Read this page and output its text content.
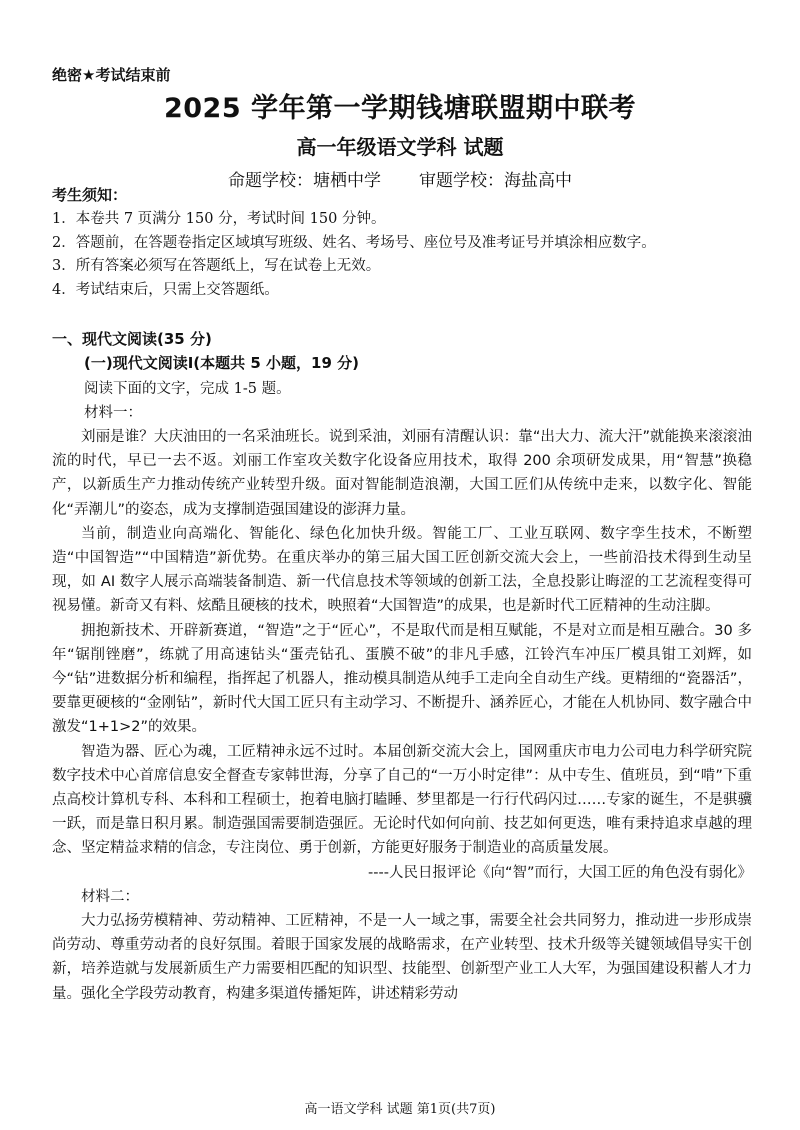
绝密★考试结束前
2025 学年第一学期钱塘联盟期中联考
高一年级语文学科 试题
命题学校：塘栖中学 审题学校：海盐高中
考生须知：
1．本卷共 7 页满分 150 分，考试时间 150 分钟。
2．答题前，在答题卷指定区域填写班级、姓名、考场号、座位号及准考证号并填涂相应数字。
3．所有答案必须写在答题纸上，写在试卷上无效。
4．考试结束后，只需上交答题纸。
一、现代文阅读(35 分)
(一)现代文阅读Ⅰ(本题共 5 小题，19 分)
阅读下面的文字，完成 1-5 题。
材料一：

刘丽是谁？大庆油田的一名采油班长。说到采油，刘丽有清醒认识：靠“出大力、流大汗”就能换来滚滚油流的时代，早已一去不返。刘丽工作室攻关数字化设备应用技术，取得 200 余项研发成果，用“智慧”换稳产，以新质生产力推动传统产业转型升级。面对智能制造浪潮，大国工匠们从传统中走来，以数字化、智能化“弄潮儿”的姿态，成为支撑制造强国建设的澎湃力量。

当前，制造业向高端化、智能化、绿色化加快升级。智能工厂、工业互联网、数字孪生技术，不断塑造“中国智造”“中国精造”新优势。在重庆举办的第三届大国工匠创新交流大会上，一些前沿技术得到生动呈现，如 AI 数字人展示高端装备制造、新一代信息技术等领域的创新工法，全息投影让晦涩的工艺流程变得可视易懂。新奇又有料、炫酷且硬核的技术，映照着“大国智造”的成果，也是新时代工匠精神的生动注脚。

拥抱新技术、开辟新赛道，“智造”之于“匠心”，不是取代而是相互赋能，不是对立而是相互融合。30 多年“锯削锉磨”，练就了用高速钻头“蛋壳钻孔、蛋膜不破”的非凡手感，江铃汽车冲压厂模具钳工刘辉，如今“钻”进数据分析和编程，指挥起了机器人，推动模具制造从纯手工走向全自动生产线。更精细的“瓷器活”，要靠更硬核的“金刚钻”，新时代大国工匠只有主动学习、不断提升、涵养匠心，才能在人机协同、数字融合中激发“1+1>2”的效果。

智造为器、匠心为魂，工匠精神永远不过时。本届创新交流大会上，国网重庆市电力公司电力科学研究院数字技术中心首席信息安全督查专家韩世海，分享了自己的“一万小时定律”：从中专生、值班员，到“啃”下重点高校计算机专科、本科和工程硕士，抱着电脑打瞌睡、梦里都是一行行代码闪过……专家的诞生，不是骐骥一跃，而是靠日积月累。制造强国需要制造强匠。无论时代如何向前、技艺如何更迭，唯有秉持追求卓越的理念、坚定精益求精的信念，专注岗位、勇于创新，方能更好服务于制造业的高质量发展。

----人民日报评论《向“智”而行，大国工匠的角色没有弱化》

材料二：

大力弘扬劳模精神、劳动精神、工匠精神，不是一人一域之事，需要全社会共同努力，推动进一步形成崇尚劳动、尊重劳动者的良好氛围。着眼于国家发展的战略需求，在产业转型、技术升级等关键领域倡导实干创新，培养造就与发展新质生产力需要相匹配的知识型、技能型、创新型产业工人大军，为强国建设积蓄人才力量。强化全学段劳动教育，构建多渠道传播矩阵，讲述精彩劳动

高一语文学科 试题 第1页(共7页)
